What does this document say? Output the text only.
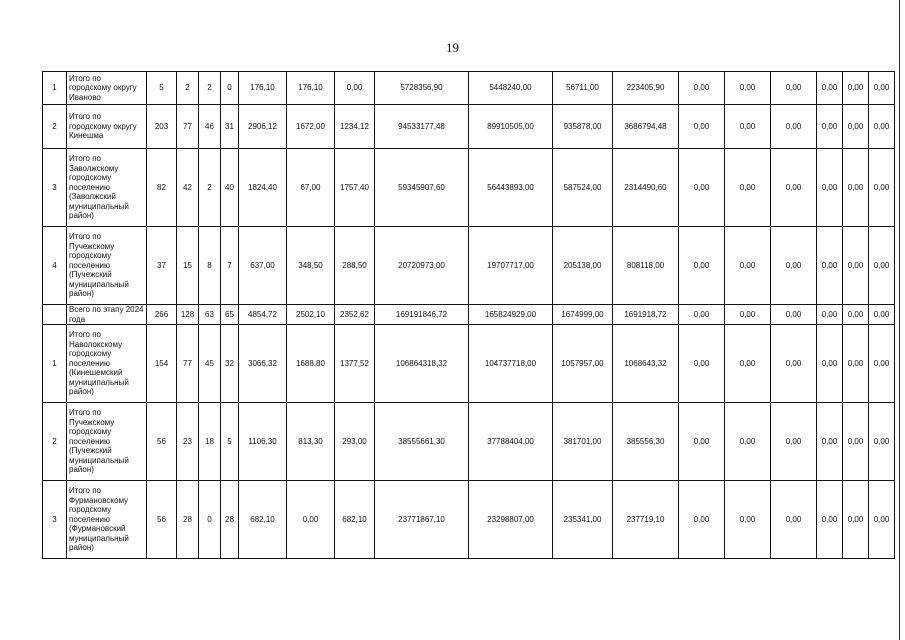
19
1	Итого по городскому округу Иваново	5	2	2	0	176,10	176,10	0,00	5728356,90	5448240,00	56711,00	223405,90	0,00	0,00	0,00	0,00	0,00	0,00
2	Итого по городскому округу Кинешма	203	77	46	31	2906,12	1672,00	1234,12	94533177,48	89910505,00	935878,00	3686794,48	0,00	0,00	0,00	0,00	0,00	0,00
3	Итого по Заволжскому городскому поселению (Заволжский муниципальный район)	82	42	2	40	1824,40	67,00	1757,40	59345907,60	56443893,00	587524,00	2314490,60	0,00	0,00	0,00	0,00	0,00	0,00
4	Итого по Пучежскому городскому поселению (Пучежский муниципальный район)	37	15	8	7	637,00	348,50	288,50	20720973,00	19707717,00	205138,00	808118,00	0,00	0,00	0,00	0,00	0,00	0,00
	Всего по этапу 2024 года	266	128	63	65	4854,72	2502,10	2352,62	169191846,72	165824929,00	1674999,00	1691918,72	0,00	0,00	0,00	0,00	0,00	0,00
1	Итого по Наволокскому городскому поселению (Кинешемский муниципальный район)	154	77	45	32	3066,32	1688,80	1377,52	106864318,32	104737718,00	1057957,00	1068643,32	0,00	0,00	0,00	0,00	0,00	0,00
2	Итого по Пучежскому городскому поселению (Пучежский муниципальный район)	56	23	18	5	1106,30	813,30	293,00	38555661,30	37788404,00	381701,00	385556,30	0,00	0,00	0,00	0,00	0,00	0,00
3	Итого по Фурмановскому городскому поселению (Фурмановский муниципальный район)	56	28	0	28	682,10	0,00	682,10	23771867,10	23298807,00	235341,00	237719,10	0,00	0,00	0,00	0,00	0,00	0,00
